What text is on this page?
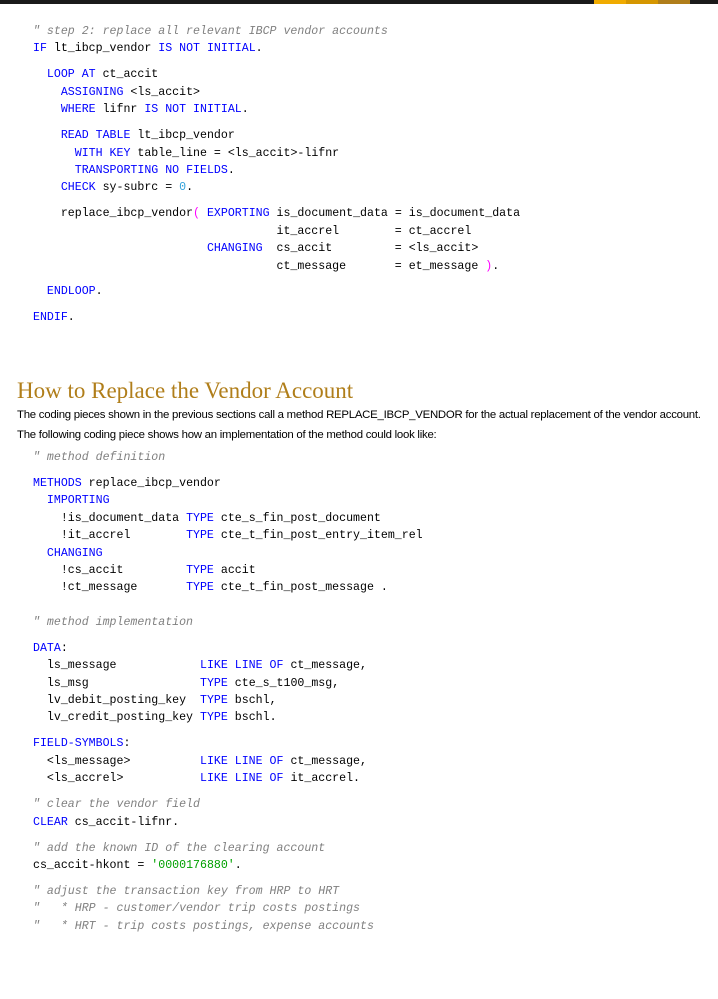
" step 2: replace all relevant IBCP vendor accounts
IF lt_ibcp_vendor IS NOT INITIAL.
LOOP AT ct_accit
ASSIGNING <ls_accit>
WHERE lifnr IS NOT INITIAL.
READ TABLE lt_ibcp_vendor
WITH KEY table_line = <ls_accit>-lifnr
TRANSPORTING NO FIELDS.
CHECK sy-subrc = 0.
replace_ibcp_vendor( EXPORTING is_document_data = is_document_data
it_accrel        = ct_accrel
CHANGING  cs_accit         = <ls_accit>
ct_message       = et_message ).
ENDLOOP.
ENDIF.
How to Replace the Vendor Account

The coding pieces shown in the previous sections call a method REPLACE_IBCP_VENDOR for the actual replacement of the vendor account. The following coding piece shows how an implementation of the method could look like:

" method definition
METHODS replace_ibcp_vendor
IMPORTING
!is_document_data TYPE cte_s_fin_post_document
!it_accrel        TYPE cte_t_fin_post_entry_item_rel
CHANGING
!cs_accit         TYPE accit
!ct_message       TYPE cte_t_fin_post_message .
" method implementation
DATA:
ls_message            LIKE LINE OF ct_message,
ls_msg                TYPE cte_s_t100_msg,
lv_debit_posting_key  TYPE bschl,
lv_credit_posting_key TYPE bschl.
FIELD-SYMBOLS:
<ls_message>          LIKE LINE OF ct_message,
<ls_accrel>           LIKE LINE OF it_accrel.
" clear the vendor field
CLEAR cs_accit-lifnr.
" add the known ID of the clearing account
cs_accit-hkont = '0000176880'.
" adjust the transaction key from HRP to HRT
"   * HRP - customer/vendor trip costs postings
"   * HRT - trip costs postings, expense accounts
